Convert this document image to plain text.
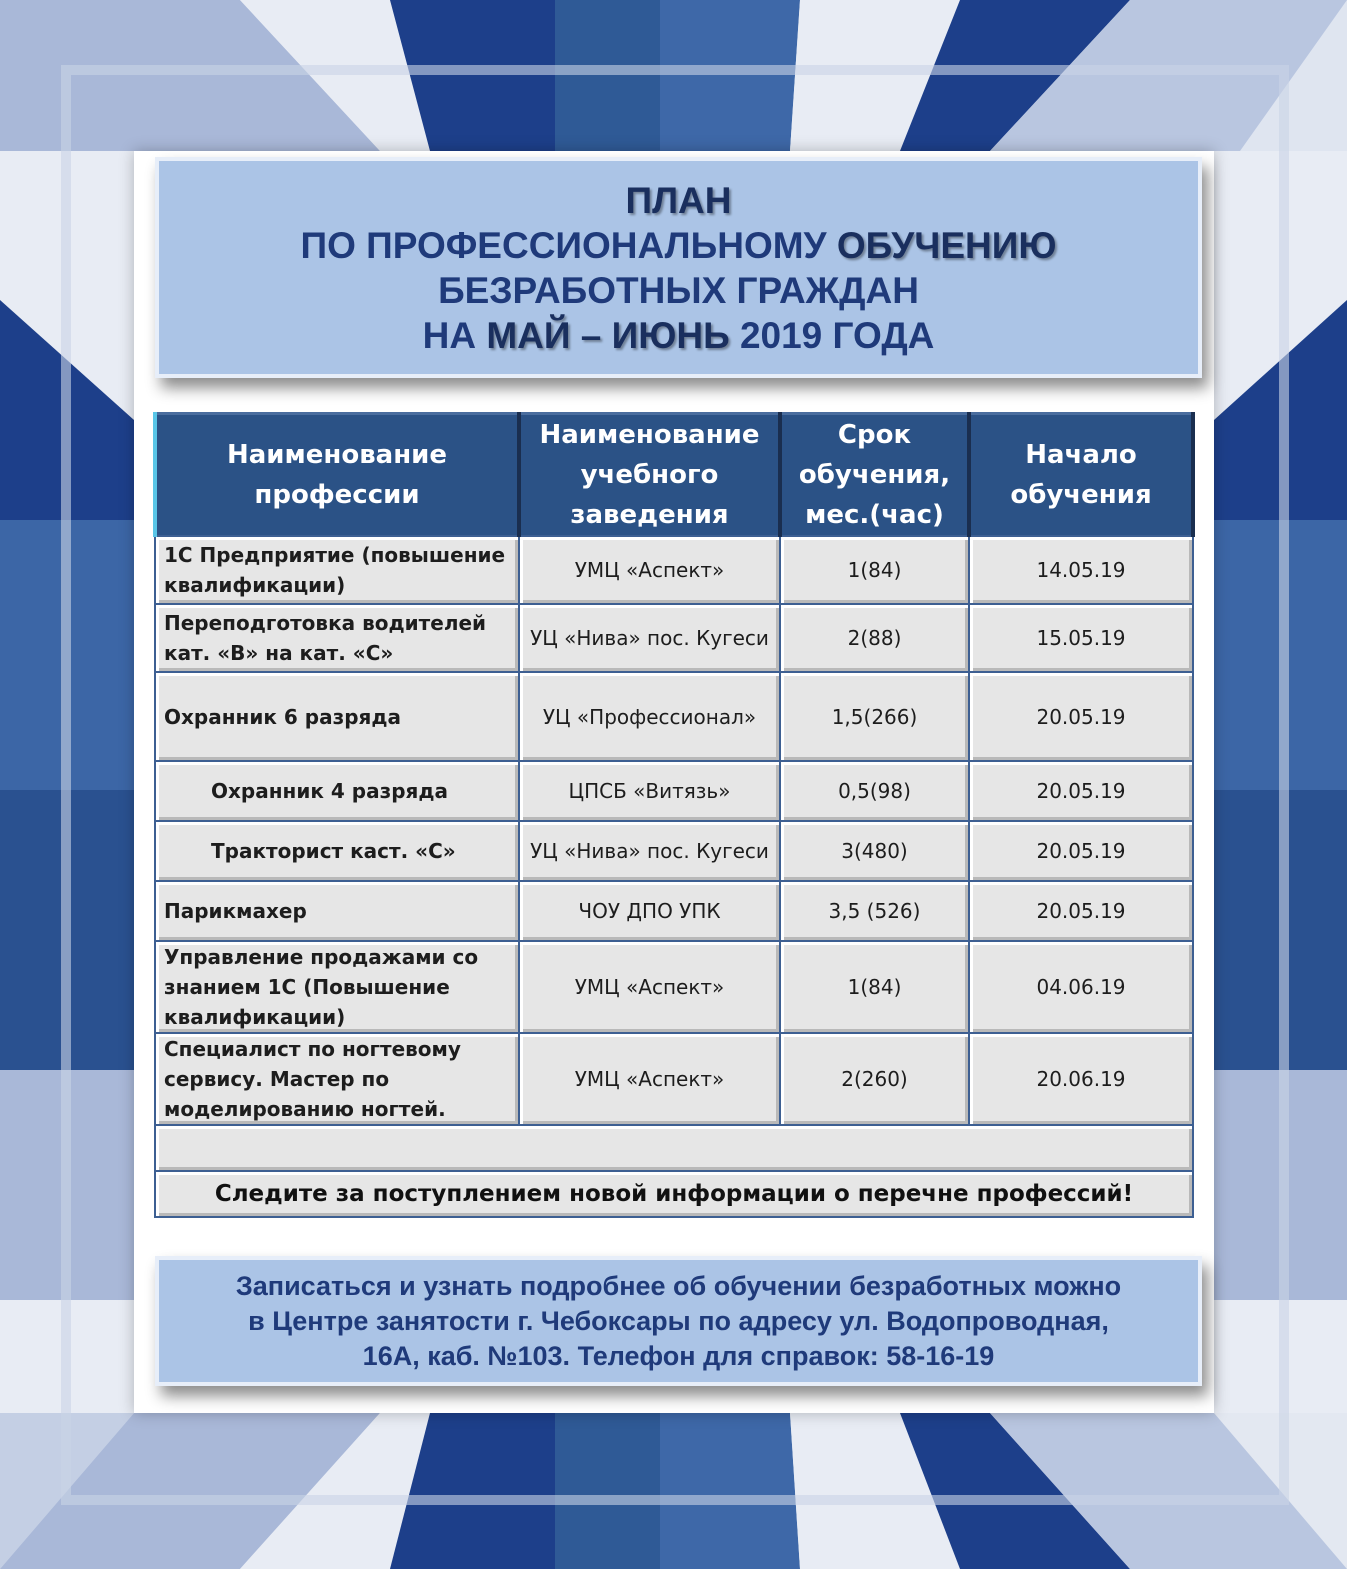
ПЛАН
ПО ПРОФЕССИОНАЛЬНОМУ ОБУЧЕНИЮ
БЕЗРАБОТНЫХ ГРАЖДАН
НА МАЙ – ИЮНЬ 2019 ГОДА
Наименование профессии	Наименование учебного заведения	Срок обучения, мес.(час)	Начало обучения
1С Предприятие (повышение квалификации)	УМЦ «Аспект»	1(84)	14.05.19
Переподготовка водителей кат. «В» на кат. «С»	УЦ «Нива» пос. Кугеси	2(88)	15.05.19
Охранник 6 разряда	УЦ «Профессионал»	1,5(266)	20.05.19
Охранник 4 разряда	ЦПСБ «Витязь»	0,5(98)	20.05.19
Тракторист каст. «С»	УЦ «Нива» пос. Кугеси	3(480)	20.05.19
Парикмахер	ЧОУ ДПО УПК	3,5 (526)	20.05.19
Управление продажами со знанием 1С (Повышение квалификации)	УМЦ «Аспект»	1(84)	04.06.19
Специалист по ногтевому сервису. Мастер по моделированию ногтей.	УМЦ «Аспект»	2(260)	20.06.19

Следите за поступлением новой информации о перечне профессий!			
Записаться и узнать подробнее об обучении безработных можно
в Центре занятости г. Чебоксары по адресу ул. Водопроводная,
16А, каб. №103. Телефон для справок: 58-16-19
